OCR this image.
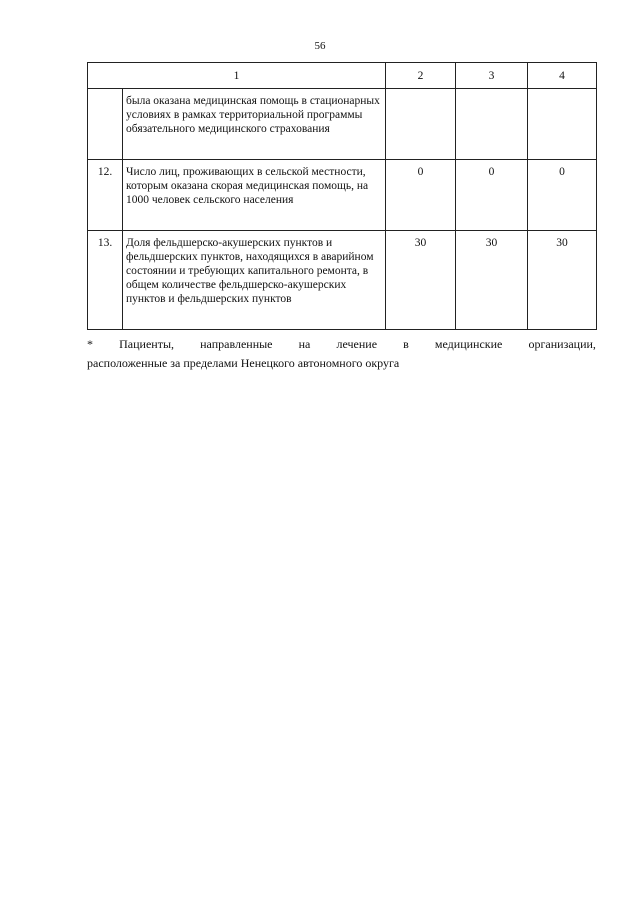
56
1		2	3	4
	была оказана медицинская помощь в стационарных условиях в рамках территориальной программы обязательного медицинского страхования			
12.	Число лиц, проживающих в сельской местности, которым оказана скорая медицинская помощь, на 1000 человек сельского населения	0	0	0
13.	Доля фельдшерско-акушерских пунктов и фельдшерских пунктов, находящихся в аварийном состоянии и требующих капитального ремонта, в общем количестве фельдшерско-акушерских пунктов и фельдшерских пунктов	30	30	30
* Пациенты, направленные на лечение в медицинские организации,
расположенные за пределами Ненецкого автономного округа
